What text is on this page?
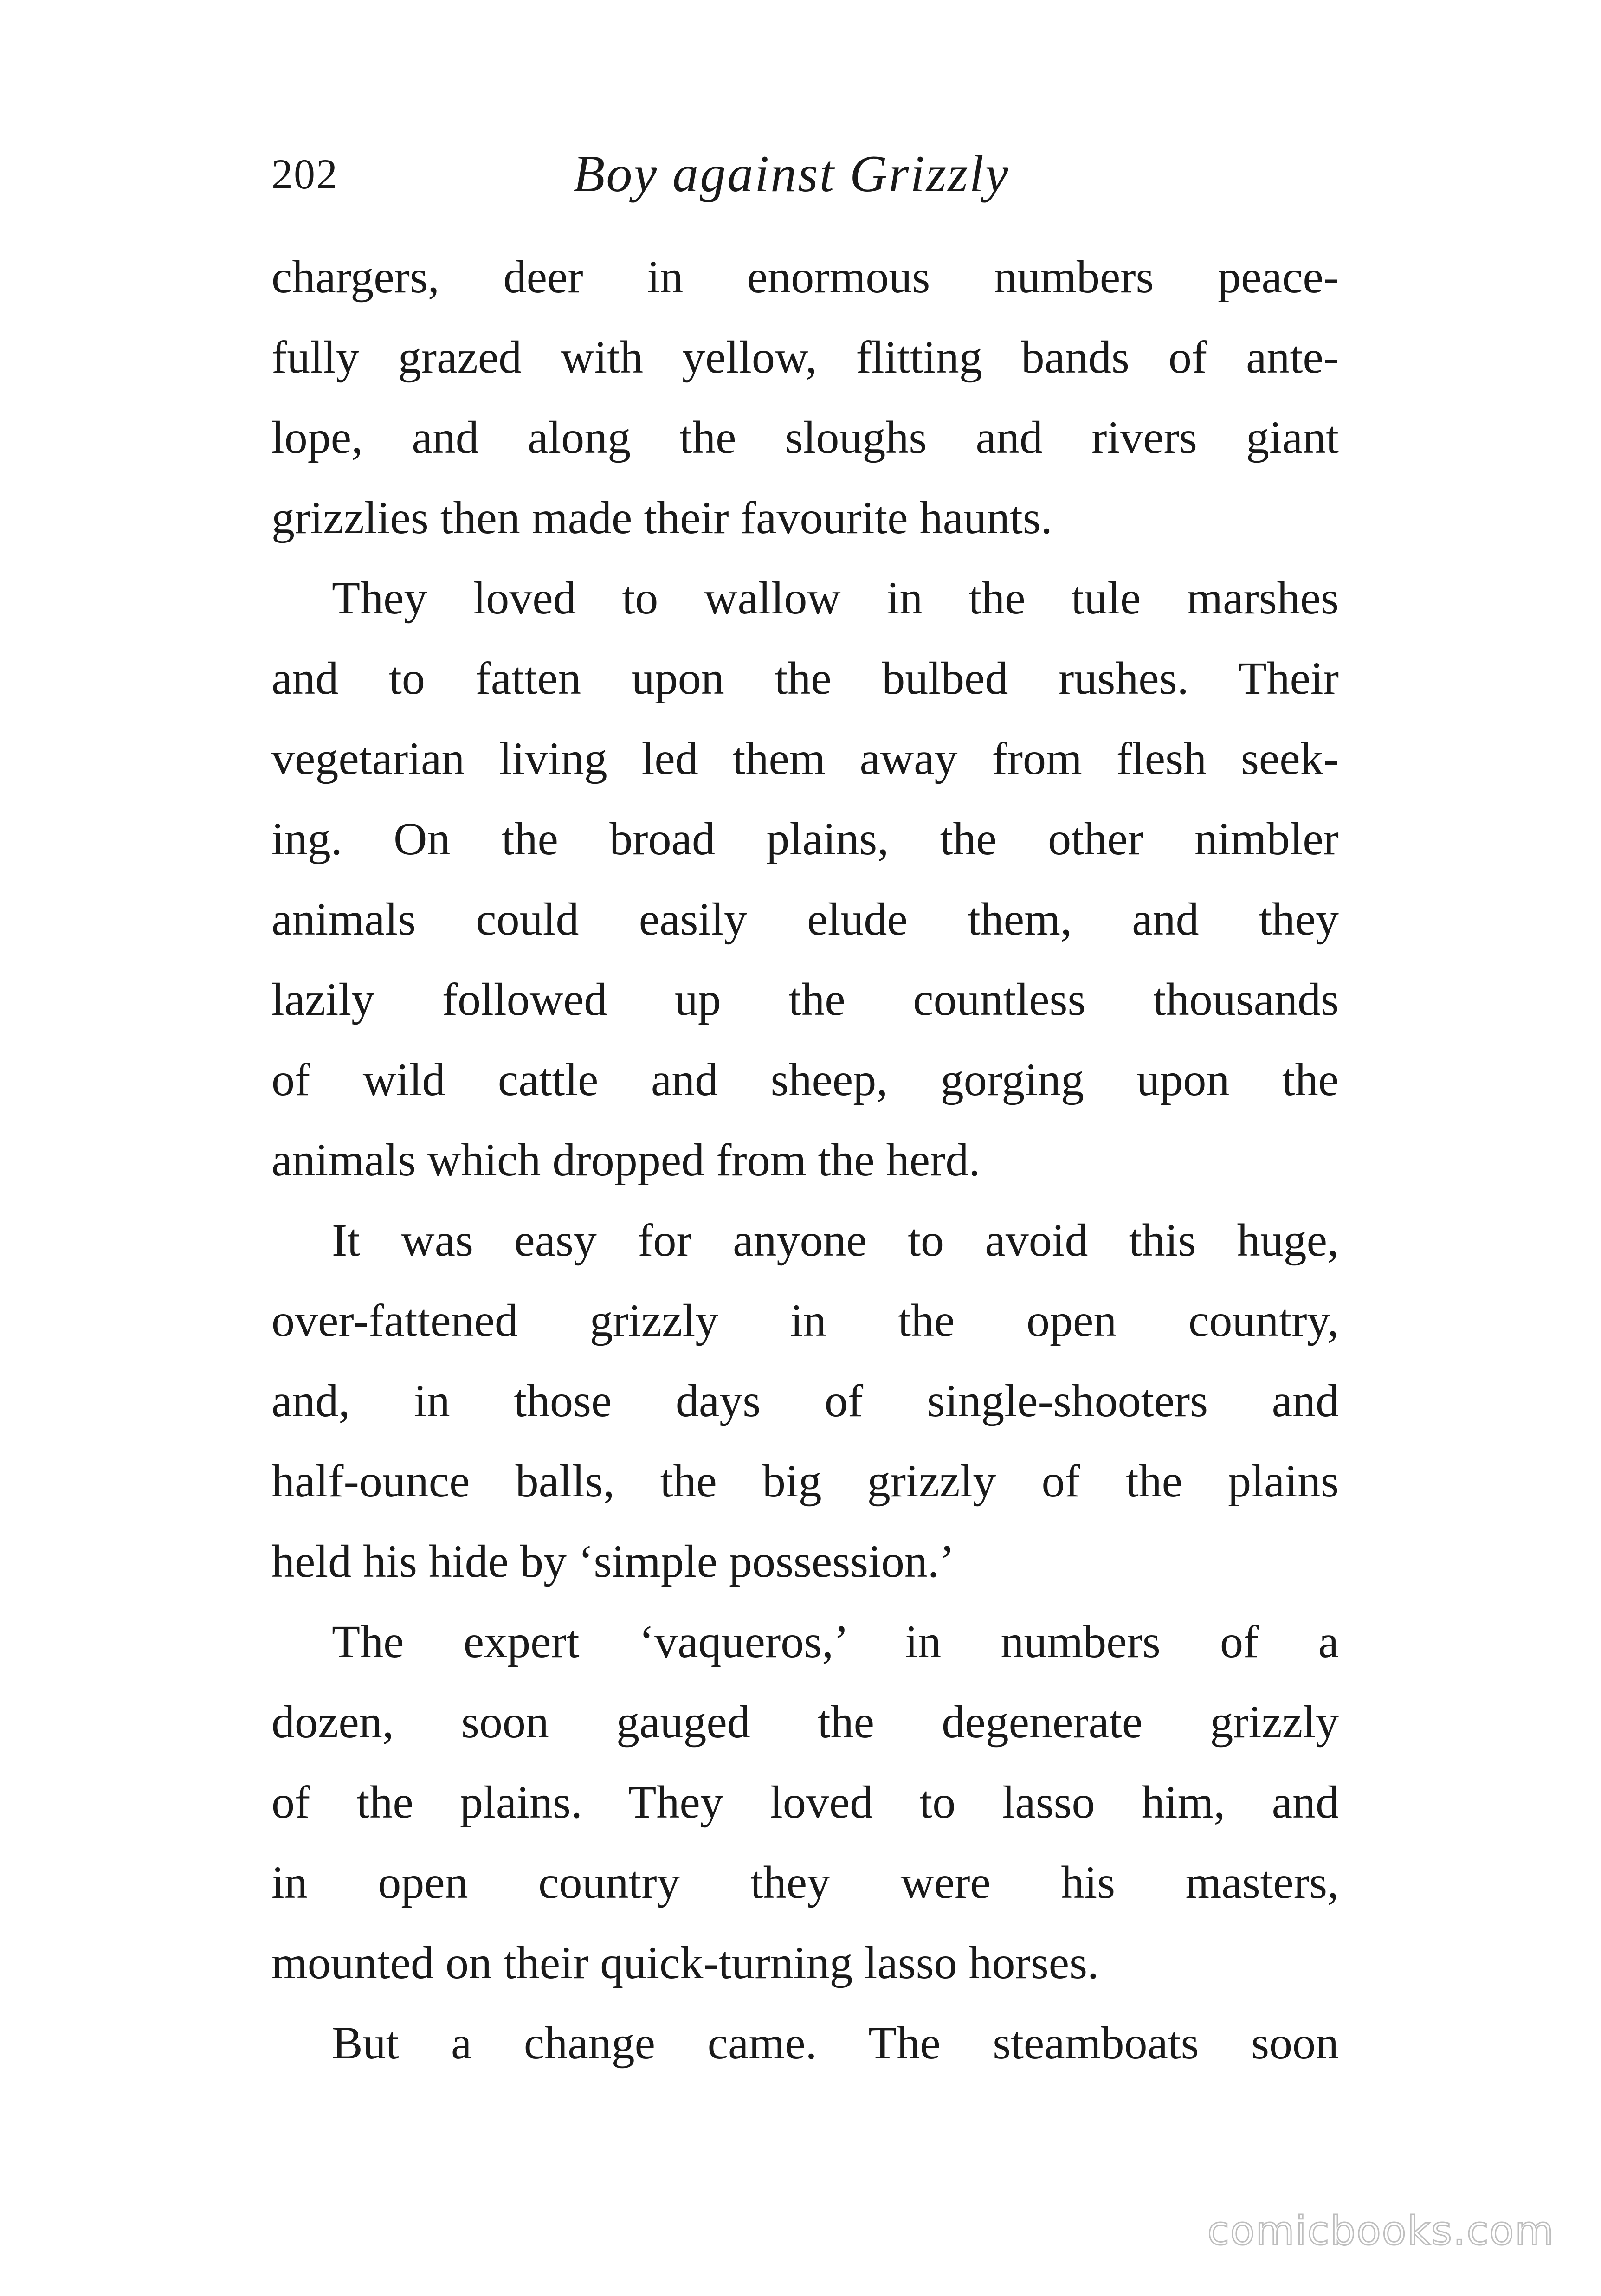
202	Boy against Grizzly
chargers, deer in enormous numbers peace-
fully grazed with yellow, flitting bands of ante-
lope, and along the sloughs and rivers giant
grizzlies then made their favourite haunts.
They loved to wallow in the tule marshes
and to fatten upon the bulbed rushes. Their
vegetarian living led them away from flesh seek-
ing. On the broad plains, the other nimbler
animals could easily elude them, and they
lazily followed up the countless thousands
of wild cattle and sheep, gorging upon the
animals which dropped from the herd.
It was easy for anyone to avoid this huge,
over-fattened grizzly in the open country,
and, in those days of single-shooters and
half-ounce balls, the big grizzly of the plains
held his hide by ‘simple possession.’
The expert ‘vaqueros,’ in numbers of a
dozen, soon gauged the degenerate grizzly
of the plains. They loved to lasso him, and
in open country they were his masters,
mounted on their quick-turning lasso horses.
But a change came. The steamboats soon
comicbooks.com
